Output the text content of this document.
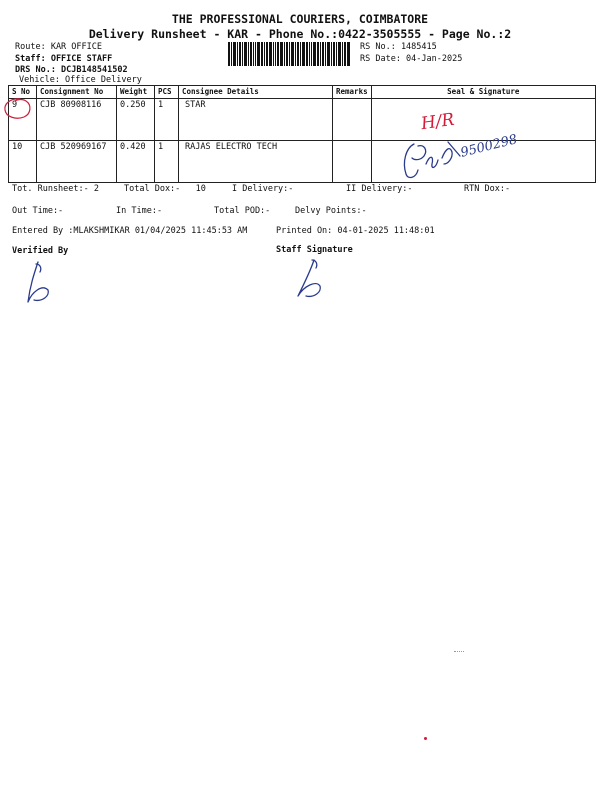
THE PROFESSIONAL COURIERS, COIMBATORE
Delivery Runsheet - KAR - Phone No.:0422-3505555 - Page No.:2
Route: KAR OFFICE
Staff: OFFICE STAFF
DRS No.: DCJB148541502
Vehicle: Office Delivery
RS No.: 1485415
RS Date: 04-Jan-2025
S No	Consignment No	Weight	PCS	Consignee Details	Remarks	Seal & Signature
9	CJB 80908116	0.250	1	STAR		
10	CJB 520969167	0.420	1	RAJAS ELECTRO TECH		
H/R
9500298
Tot. Runsheet:- 2	Total Dox:-   10	I Delivery:-	II Delivery:-	RTN Dox:-
Out Time:-	In Time:-	Total POD:-	Delvy Points:-
Entered By :MLAKSHMIKAR 01/04/2025 11:45:53 AM	Printed On: 04-01-2025 11:48:01
Verified By	Staff Signature
